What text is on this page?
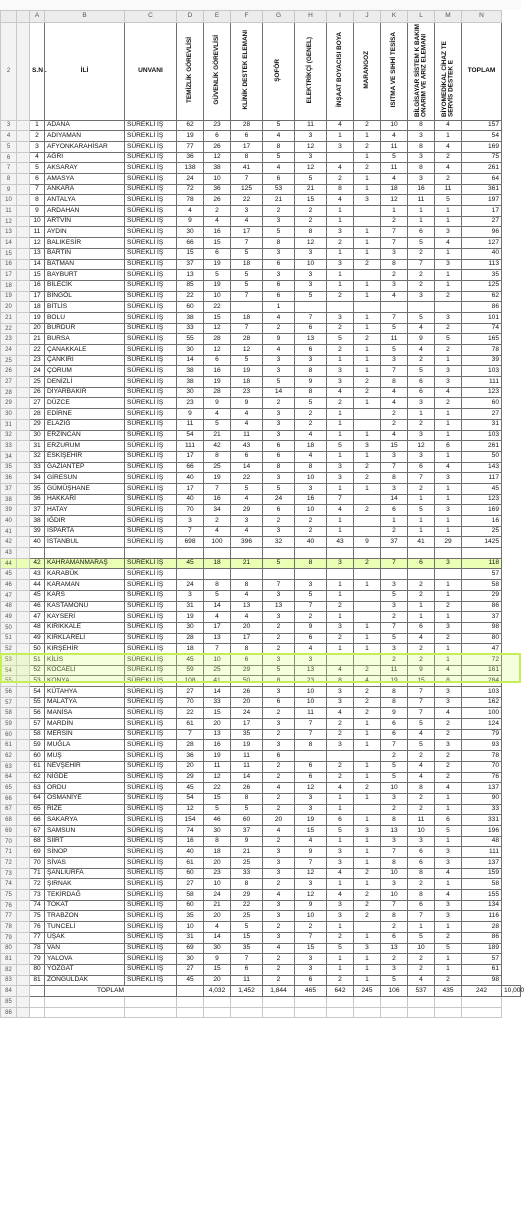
		A	B	C	D	E	F	G	H	I	J	K	L	M	N	
2		S.N .	İLİ	UNVANI	TEMİZLİK GÖREVLİSİ	GÜVENLİK GÖREVLİSİ	KLİNİK DESTEK ELEMANI	ŞOFÖR	ELEKTRİKÇİ (GENEL)	İNŞAAT BOYACISI BOYA	MARANGOZ	ISITMA VE SIHHİ TESİSA	BİLGİSAYAR SİSTEM K BAKIM ONARIM VE ARIZ ELEMANI	BİYOMEDİKAL CİHAZ TE SERVİS DESTEK E	TOPLAM	
3		1	ADANA	SÜREKLİ İŞ	62	23	28	5	11	4	2	10	8	4	157	
4		2	ADIYAMAN	SÜREKLİ İŞ	19	6	6	4	3	1	1	4	3	1	54	
5		3	AFYONKARAHİSAR	SÜREKLİ İŞ	77	26	17	8	12	3	2	11	8	4	169	
6		4	AĞRI	SÜREKLİ İŞ	36	12	8	5	3		1	5	3	2	75	
7		5	AKSARAY	SÜREKLİ İŞ	138	38	41	4	12	4	2	11	8	4	261	
8		6	AMASYA	SÜREKLİ İŞ	24	10	7	6	5	2	1	4	3	2	64	
9		7	ANKARA	SÜREKLİ İŞ	72	36	125	53	21	8	1	18	16	11	361	
10		8	ANTALYA	SÜREKLİ İŞ	78	26	22	21	15	4	3	12	11	5	197	
11		9	ARDAHAN	SÜREKLİ İŞ	4	2	3	2	2	1		1	1	1	17	
12		10	ARTVİN	SÜREKLİ İŞ	9	4	4	3	2	1		2	1	1	27	
13		11	AYDIN	SÜREKLİ İŞ	30	16	17	5	8	3	1	7	6	3	96	
14		12	BALIKESİR	SÜREKLİ İŞ	66	15	7	8	12	2	1	7	5	4	127	
15		13	BARTIN	SÜREKLİ İŞ	15	6	5	3	3	1	1	3	2	1	40	
16		14	BATMAN	SÜREKLİ İŞ	37	19	18	6	10	3	2	8	7	3	113	
17		15	BAYBURT	SÜREKLİ İŞ	13	5	5	3	3	1		2	2	1	35	
18		16	BİLECİK	SÜREKLİ İŞ	85	19	5	6	3	1	1	3	2	1	125	
19		17	BİNGÖL	SÜREKLİ İŞ	22	10	7	6	5	2	1	4	3	2	62	
20		18	BİTLİS	SÜREKLİ İŞ	60	22		1							86	
21		19	BOLU	SÜREKLİ İŞ	38	15	18	4	7	3	1	7	5	3	101	
22		20	BURDUR	SÜREKLİ İŞ	33	12	7	2	6	2	1	5	4	2	74	
23		21	BURSA	SÜREKLİ İŞ	55	28	28	9	13	5	2	11	9	5	165	
24		22	ÇANAKKALE	SÜREKLİ İŞ	30	12	12	4	6	2	1	5	4	2	78	
25		23	ÇANKIRI	SÜREKLİ İŞ	14	6	5	3	3	1	1	3	2	1	39	
26		24	ÇORUM	SÜREKLİ İŞ	38	16	19	3	8	3	1	7	5	3	103	
27		25	DENİZLİ	SÜREKLİ İŞ	38	19	18	5	9	3	2	8	6	3	111	
28		26	DİYARBAKIR	SÜREKLİ İŞ	30	28	23	14	8	4	2	4	6	4	123	
29		27	DÜZCE	SÜREKLİ İŞ	23	9	9	2	5	2	1	4	3	2	60	
30		28	EDİRNE	SÜREKLİ İŞ	9	4	4	3	2	1		2	1	1	27	
31		29	ELAZIĞ	SÜREKLİ İŞ	11	5	4	3	2	1		2	2	1	31	
32		30	ERZİNCAN	SÜREKLİ İŞ	54	21	11	3	4	1	1	4	3	1	103	
33		31	ERZURUM	SÜREKLİ İŞ	111	42	43	6	18	5	3	15	12	6	261	
34		32	ESKİŞEHİR	SÜREKLİ İŞ	17	8	6	6	4	1	1	3	3	1	50	
35		33	GAZİANTEP	SÜREKLİ İŞ	66	25	14	8	8	3	2	7	6	4	143	
36		34	GİRESUN	SÜREKLİ İŞ	40	19	22	3	10	3	2	8	7	3	117	
37		35	GÜMÜŞHANE	SÜREKLİ İŞ	17	7	5	5	3	1	1	3	2	1	45	
38		36	HAKKARİ	SÜREKLİ İŞ	40	16	4	24	16	7		14	1	1	123	
39		37	HATAY	SÜREKLİ İŞ	70	34	29	6	10	4	2	6	5	3	169	
40		38	IĞDIR	SÜREKLİ İŞ	3	2	3	2	2	1		1	1	1	16	
41		39	ISPARTA	SÜREKLİ İŞ	7	4	4	3	2	1		2	1	1	25	
42		40	İSTANBUL	SÜREKLİ İŞ	698	100	396	32	40	43	9	37	41	29	1425	
43																
44		42	KAHRAMANMARAŞ	SÜREKLİ İŞ	45	18	21	5	8	3	2	7	6	3	118	
45		43	KARABÜK	SÜREKLİ İŞ											57	
46		44	KARAMAN	SÜREKLİ İŞ	24	8	8	7	3	1	1	3	2	1	58	
47		45	KARS	SÜREKLİ İŞ	3	5	4	3	5	1		5	2	1	29	
48		46	KASTAMONU	SÜREKLİ İŞ	31	14	13	13	7	2		3	1	2	86	
49		47	KAYSERİ	SÜREKLİ İŞ	19	4	4	3	2	1		2	1	1	37	
50		48	KIRIKKALE	SÜREKLİ İŞ	30	17	20	2	9	3	1	7	6	3	98	
51		49	KIRKLARELİ	SÜREKLİ İŞ	28	13	17	2	6	2	1	5	4	2	80	
52		50	KIRŞEHİR	SÜREKLİ İŞ	18	7	8	2	4	1	1	3	2	1	47	
53		51	KİLİS	SÜREKLİ İŞ	45	10	6	3	3			2	2	1	72	
54		52	KOCAELİ	SÜREKLİ İŞ	59	25	29	5	13	4	2	11	9	4	161	
55		53	KONYA	SÜREKLİ İŞ	108	41	50	8	23	8	4	19	15	8	284	
56		54	KÜTAHYA	SÜREKLİ İŞ	27	14	26	3	10	3	2	8	7	3	103	
57		55	MALATYA	SÜREKLİ İŞ	70	33	20	6	10	3	2	8	7	3	162	
58		56	MANİSA	SÜREKLİ İŞ	22	15	24	2	11	4	2	9	7	4	100	
59		57	MARDİN	SÜREKLİ İŞ	61	20	17	3	7	2	1	6	5	2	124	
60		58	MERSİN	SÜREKLİ İŞ	7	13	35	2	7	2	1	6	4	2	79	
61		59	MUĞLA	SÜREKLİ İŞ	28	16	19	3	8	3	1	7	5	3	93	
62		60	MUŞ	SÜREKLİ İŞ	36	19	11	6				2	2	2	78	
63		61	NEVŞEHİR	SÜREKLİ İŞ	20	11	11	2	6	2	1	5	4	2	70	
64		62	NİĞDE	SÜREKLİ İŞ	29	12	14	2	6	2	1	5	4	2	76	
65		63	ORDU	SÜREKLİ İŞ	45	22	26	4	12	4	2	10	8	4	137	
66		64	OSMANİYE	SÜREKLİ İŞ	54	15	8	2	3	1	1	3	2	1	90	
67		65	RİZE	SÜREKLİ İŞ	12	5	5	2	3	1		2	2	1	33	
68		66	SAKARYA	SÜREKLİ İŞ	154	46	60	20	19	6	1	8	11	6	331	
69		67	SAMSUN	SÜREKLİ İŞ	74	30	37	4	15	5	3	13	10	5	196	
70		68	SİİRT	SÜREKLİ İŞ	16	8	9	2	4	1	1	3	3	1	48	
71		69	SİNOP	SÜREKLİ İŞ	40	18	21	3	9	3	1	7	6	3	111	
72		70	SİVAS	SÜREKLİ İŞ	61	20	25	3	7	3	1	8	6	3	137	
73		71	ŞANLIURFA	SÜREKLİ İŞ	60	23	33	3	12	4	2	10	8	4	159	
74		72	ŞIRNAK	SÜREKLİ İŞ	27	10	8	2	3	1	1	3	2	1	58	
75		73	TEKİRDAĞ	SÜREKLİ İŞ	58	24	29	4	12	4	2	10	8	4	155	
76		74	TOKAT	SÜREKLİ İŞ	60	21	22	3	9	3	2	7	6	3	134	
77		75	TRABZON	SÜREKLİ İŞ	35	20	25	3	10	3	2	8	7	3	116	
78		76	TUNCELİ	SÜREKLİ İŞ	10	4	5	2	2	1		2	1	1	28	
79		77	UŞAK	SÜREKLİ İŞ	31	14	15	3	7	2	1	6	5	2	86	
80		78	VAN	SÜREKLİ İŞ	69	30	35	4	15	5	3	13	10	5	189	
81		79	YALOVA	SÜREKLİ İŞ	30	9	7	2	3	1	1	2	2	1	57	
82		80	YOZGAT	SÜREKLİ İŞ	27	15	6	2	3	1	1	3	2	1	61	
83		81	ZONGULDAK	SÜREKLİ İŞ	45	20	11	2	6	2	1	5	4	2	98	
84			TOPLAM			4,032	1,452	1,844	465	642	245	106	537	435	242	10,000
85																
86																
